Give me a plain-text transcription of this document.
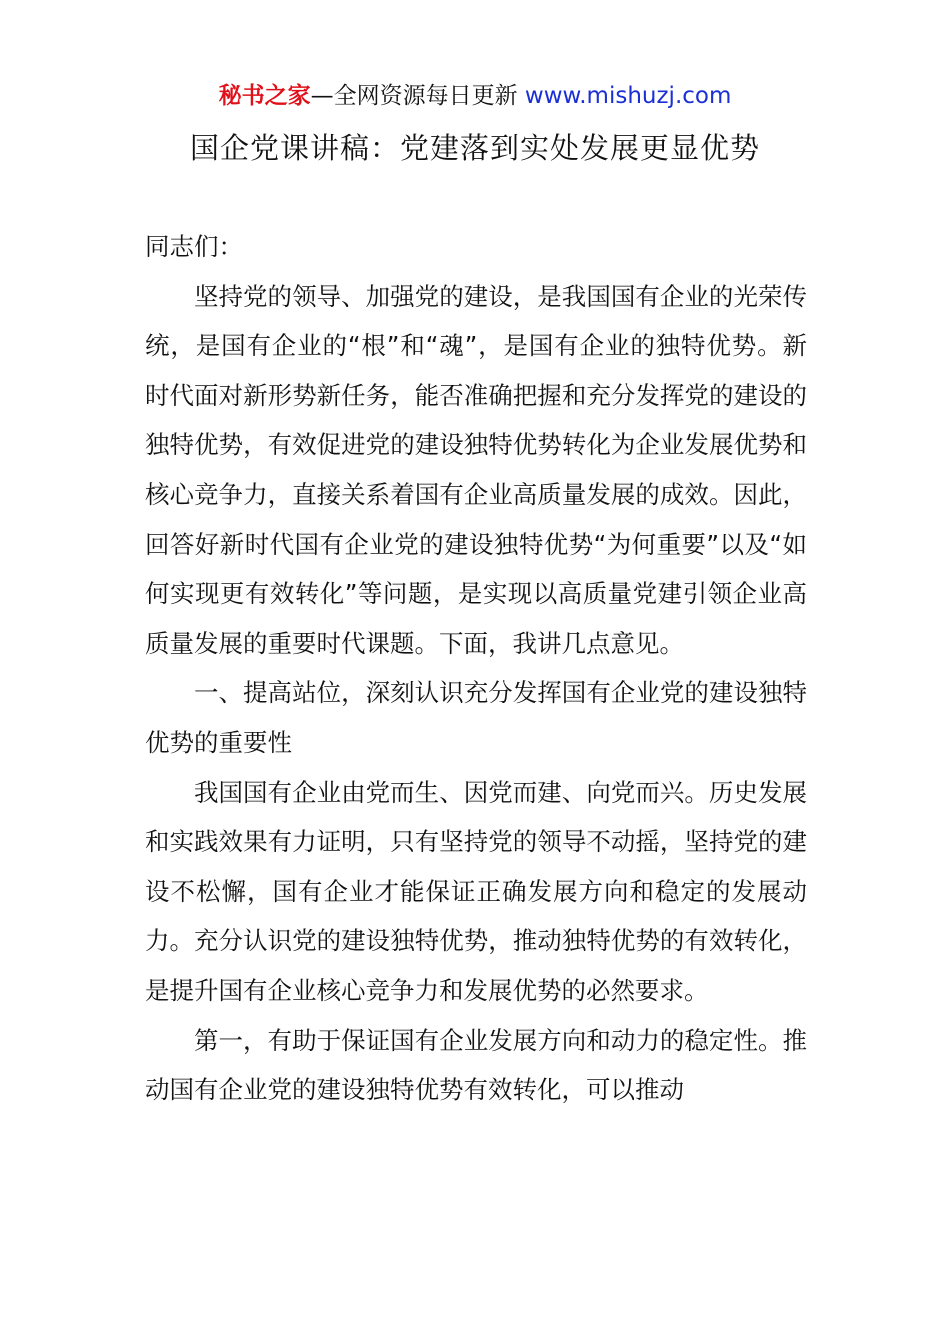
秘书之家—全网资源每日更新 www.mishuzj.com
国企党课讲稿：党建落到实处发展更显优势

同志们：

坚持党的领导、加强党的建设，是我国国有企业的光荣传统，是国有企业的“根”和“魂”，是国有企业的独特优势。新时代面对新形势新任务，能否准确把握和充分发挥党的建设的独特优势，有效促进党的建设独特优势转化为企业发展优势和核心竞争力，直接关系着国有企业高质量发展的成效。因此，回答好新时代国有企业党的建设独特优势“为何重要”以及“如何实现更有效转化”等问题，是实现以高质量党建引领企业高质量发展的重要时代课题。下面，我讲几点意见。

一、提高站位，深刻认识充分发挥国有企业党的建设独特优势的重要性

我国国有企业由党而生、因党而建、向党而兴。历史发展和实践效果有力证明，只有坚持党的领导不动摇，坚持党的建设不松懈，国有企业才能保证正确发展方向和稳定的发展动力。充分认识党的建设独特优势，推动独特优势的有效转化，是提升国有企业核心竞争力和发展优势的必然要求。

第一，有助于保证国有企业发展方向和动力的稳定性。推动国有企业党的建设独特优势有效转化，可以推动
